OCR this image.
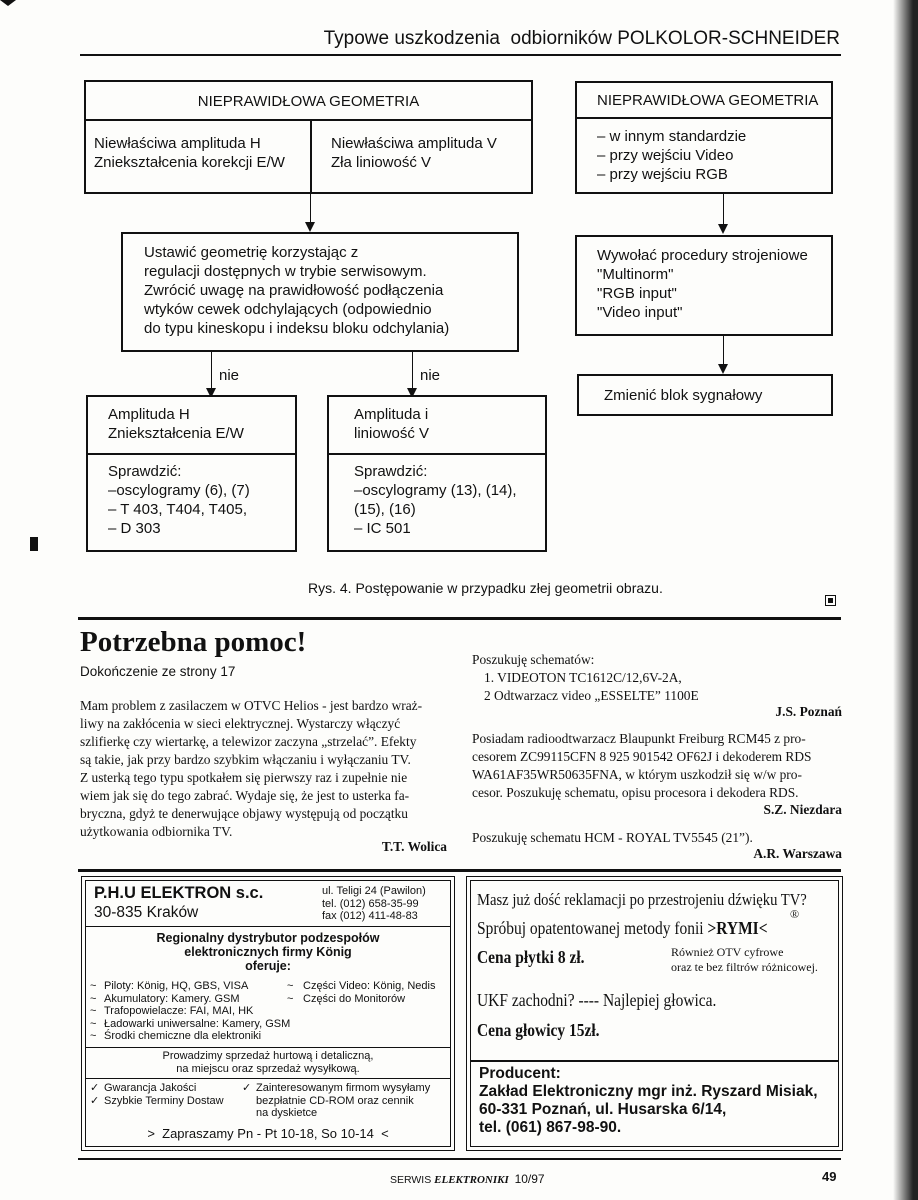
Typowe uszkodzenia  odbiorników POLKOLOR-SCHNEIDER
NIEPRAWIDŁOWA GEOMETRIA
Niewłaściwa amplituda H
Zniekształcenia korekcji E/W
Niewłaściwa amplituda V
Zła liniowość V
Ustawić geometrię korzystając z
regulacji dostępnych w trybie serwisowym.
Zwrócić uwagę na prawidłowość podłączenia
wtyków cewek odchylających (odpowiednio
do typu kineskopu i indeksu bloku odchylania)
nie	nie
Amplituda H
Zniekształcenia E/W
Sprawdzić:
–oscylogramy (6), (7)
– T 403, T404, T405,
– D 303
Amplituda i
liniowość V
Sprawdzić:
–oscylogramy (13), (14),
(15), (16)
– IC 501
NIEPRAWIDŁOWA GEOMETRIA
– w innym standardzie
– przy wejściu Video
– przy wejściu RGB
Wywołać procedury strojeniowe
"Multinorm"
"RGB input"
"Video input"
Zmienić blok sygnałowy
Rys. 4. Postępowanie w przypadku złej geometrii obrazu.
Potrzebna pomoc!
Dokończenie ze strony 17
Mam problem z zasilaczem w OTVC Helios - jest bardzo wraż-
liwy na zakłócenia w sieci elektrycznej. Wystarczy włączyć
szlifierkę czy wiertarkę, a telewizor zaczyna „strzelać”. Efekty
są takie, jak przy bardzo szybkim włączaniu i wyłączaniu TV.
Z usterką tego typu spotkałem się pierwszy raz i zupełnie nie
wiem jak się do tego zabrać. Wydaje się, że jest to usterka fa-
bryczna, gdyż te denerwujące objawy występują od początku
użytkowania odbiornika TV.
T.T. Wolica
Poszukuję schematów:
1. VIDEOTON TC1612C/12,6V-2A,
2 Odtwarzacz video „ESSELTE” 1100E
J.S. Poznań
Posiadam radioodtwarzacz Blaupunkt Freiburg RCM45 z pro-
cesorem ZC99115CFN 8 925 901542 OF62J i dekoderem RDS
WA61AF35WR50635FNA, w którym uszkodził się w/w pro-
cesor. Poszukuję schematu, opisu procesora i dekodera RDS.
S.Z. Niezdara
Poszukuję schematu HCM - ROYAL TV5545 (21”).
A.R. Warszawa
P.H.U ELEKTRON s.c.
30-835 Kraków
ul. Teligi 24 (Pawilon)
tel. (012) 658-35-99
fax (012) 411-48-83
Regionalny dystrybutor podzespołów
elektronicznych firmy König
oferuje:
~ Piloty: König, HQ, GBS, VISA
~ Akumulatory: Kamery. GSM
~ Trafopowielacze: FAI, MAI, HK
~ Ładowarki uniwersalne: Kamery, GSM
~ Środki chemiczne dla elektroniki
~ Części Video: König, Nedis
~ Części do Monitorów
Prowadzimy sprzedaż hurtową i detaliczną,
na miejscu oraz sprzedaż wysyłkową.
✓ Gwarancja Jakości
✓ Szybkie Terminy Dostaw
✓ Zainteresowanym firmom wysyłamy
bezpłatnie CD-ROM oraz cennik
na dyskietce
> Zapraszamy Pn - Pt 10-18, So 10-14 <
Masz już dość reklamacji po przestrojeniu dźwięku TV?
®
Spróbuj opatentowanej metody fonii >RYMI<
Cena płytki 8 zł.	Również OTV cyfrowe
oraz te bez filtrów różnicowej.
UKF zachodni? ---- Najlepiej głowica.
Cena głowicy 15zł.
Producent:
Zakład Elektroniczny mgr inż. Ryszard Misiak,
60-331 Poznań, ul. Husarska 6/14,
tel. (061) 867-98-90.
SERWIS ELEKTRONIKI 10/97	49
